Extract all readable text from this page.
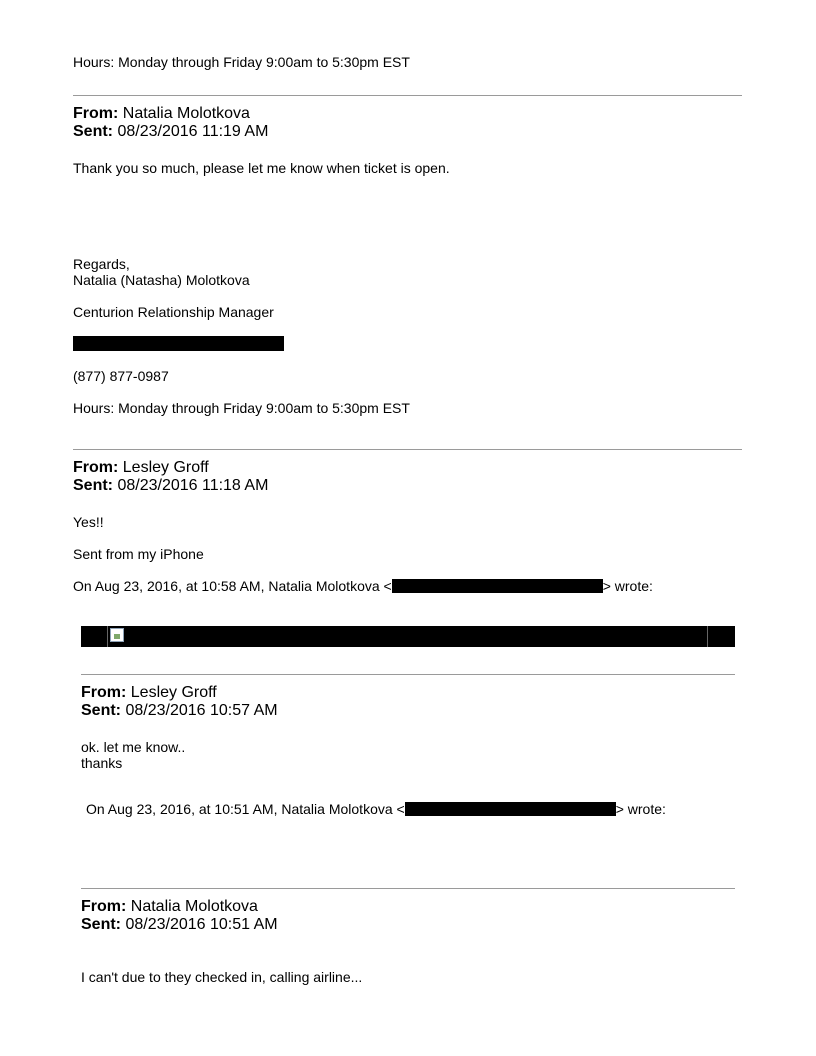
Hours: Monday through Friday 9:00am to 5:30pm EST
From: Natalia Molotkova
Sent: 08/23/2016 11:19 AM
Thank you so much, please let me know when ticket is open.
Regards,
Natalia (Natasha) Molotkova
Centurion Relationship Manager
(877) 877-0987
Hours: Monday through Friday 9:00am to 5:30pm EST
From: Lesley Groff
Sent: 08/23/2016 11:18 AM
Yes!!
Sent from my iPhone
On Aug 23, 2016, at 10:58 AM, Natalia Molotkova <	> wrote:
From: Lesley Groff
Sent: 08/23/2016 10:57 AM
ok. let me know..
thanks
On Aug 23, 2016, at 10:51 AM, Natalia Molotkova <	> wrote:
From: Natalia Molotkova
Sent: 08/23/2016 10:51 AM
I can't due to they checked in, calling airline...
